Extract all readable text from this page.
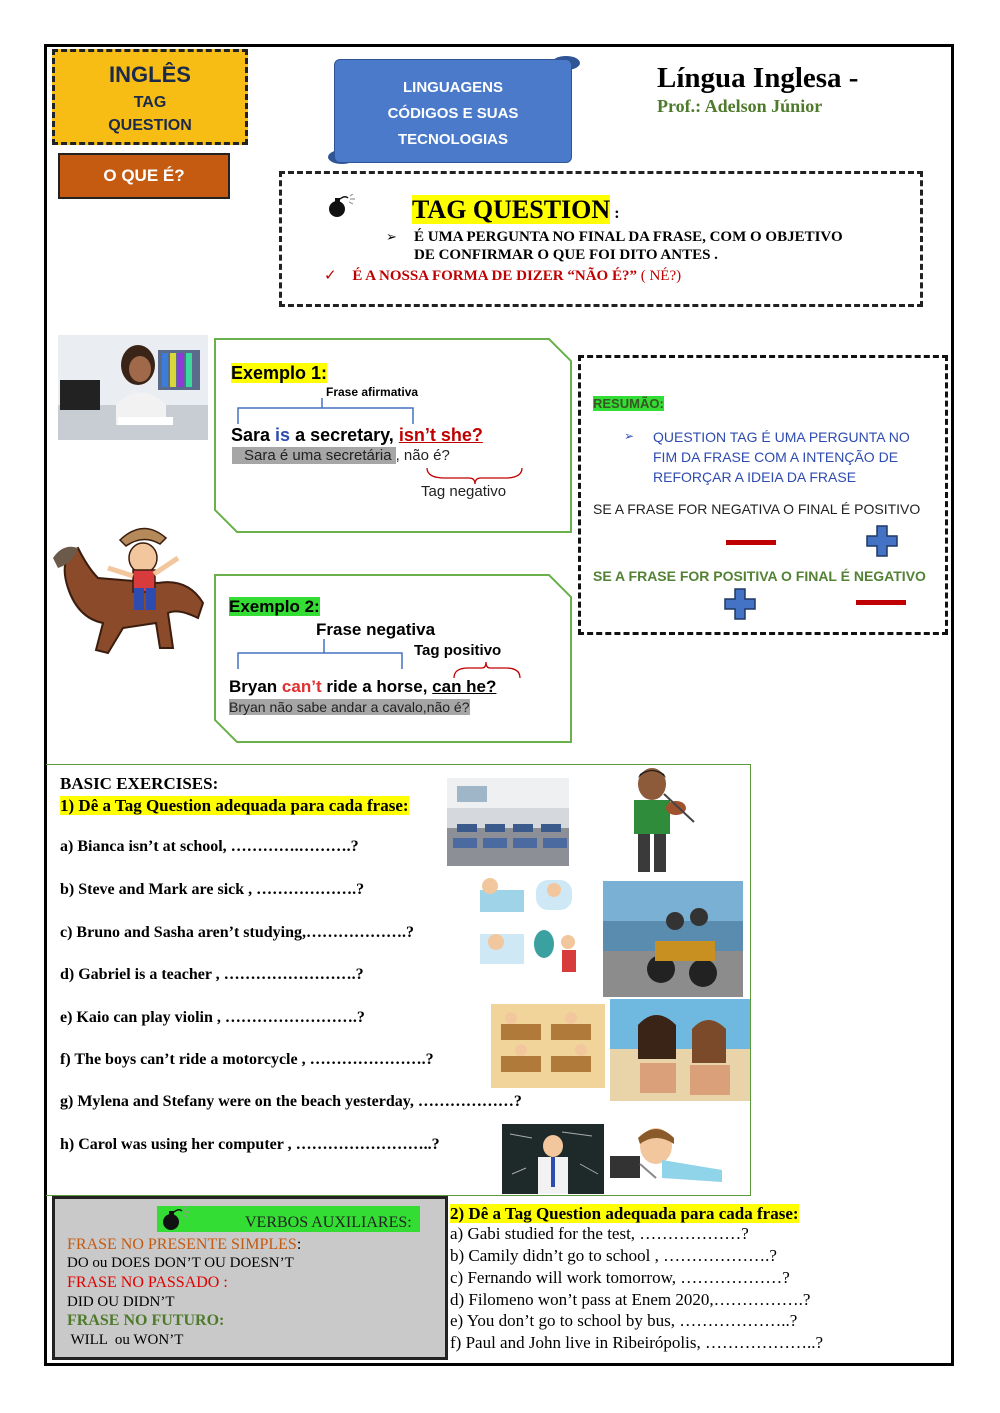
INGLÊS
TAG
QUESTION
O QUE É?
LINGUAGENS
CÓDIGOS E SUAS
TECNOLOGIAS
Língua Inglesa -
Prof.: Adelson Júnior
TAG QUESTION :
➢ É UMA PERGUNTA NO FINAL DA FRASE, COM O OBJETIVO
DE CONFIRMAR O QUE FOI DITO ANTES .
✓ É A NOSSA FORMA DE DIZER “NÃO É?” ( NÉ?)
Exemplo 1:
Frase afirmativa
Sara is a secretary, isn’t she?
Sara é uma secretária , não é?
Tag negativo
Exemplo 2:
Frase negativa
Tag positivo
Bryan can’t ride a horse, can he?
Bryan não sabe andar a cavalo,não é?
RESUMÃO:
➢ QUESTION TAG É UMA PERGUNTA NO FIM DA FRASE COM A INTENÇÃO DE REFORÇAR A IDEIA DA FRASE
SE A FRASE FOR NEGATIVA O FINAL É POSITIVO
SE A FRASE FOR POSITIVA O FINAL É NEGATIVO
BASIC EXERCISES:
1) Dê a Tag Question adequada para cada frase:
a) Bianca isn’t at school, ………….……….?
b) Steve and Mark are sick , ……………….?
c) Bruno and Sasha aren’t studying,……………….?
d) Gabriel is a teacher , …………………….?
e) Kaio can play violin , …………………….?
f) The boys can’t ride a motorcycle , ………………….?
g) Mylena and Stefany were on the beach yesterday, ………………?
h) Carol was using her computer , ……………………..?
VERBOS AUXILIARES:
FRASE NO PRESENTE SIMPLES:
DO ou DOES DON’T OU DOESN’T
FRASE NO PASSADO :
DID OU DIDN’T
FRASE NO FUTURO:
WILL  ou WON’T
2) Dê a Tag Question adequada para cada frase:
a) Gabi studied for the test, ………………?
b) Camily didn’t go to school , ……………….?
c) Fernando will work tomorrow, ………………?
d) Filomeno won’t pass at Enem 2020,…………….?
e) You don’t go to school by bus, ………………..?
f) Paul and John live in Ribeirópolis, ………………..?
